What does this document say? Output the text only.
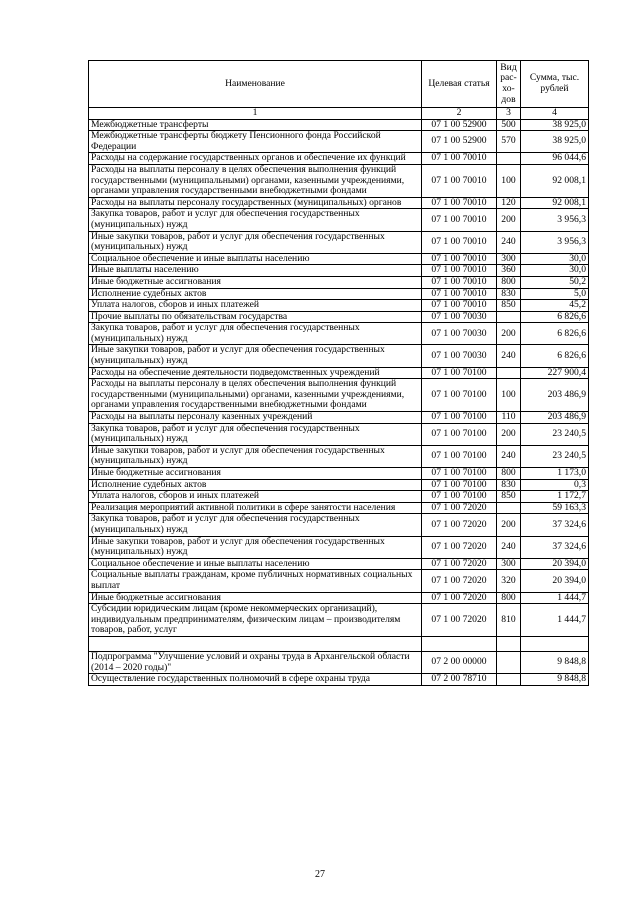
Наименование	Целевая статья	Вид рас-хо-дов	Сумма, тыс. рублей
1	2	3	4
Межбюджетные трансферты	07 1 00 52900	500	38 925,0
Межбюджетные трансферты бюджету Пенсионного фонда Российской Федерации	07 1 00 52900	570	38 925,0
Расходы на содержание государственных органов и обеспечение их функций	07 1 00 70010		96 044,6
Расходы на выплаты персоналу в целях обеспечения выполнения функций государственными (муниципальными) органами, казенными учреждениями, органами управления государственными внебюджетными фондами	07 1 00 70010	100	92 008,1
Расходы на выплаты персоналу государственных (муниципальных) органов	07 1 00 70010	120	92 008,1
Закупка товаров, работ и услуг для обеспечения государственных (муниципальных) нужд	07 1 00 70010	200	3 956,3
Иные закупки товаров, работ и услуг для обеспечения государственных (муниципальных) нужд	07 1 00 70010	240	3 956,3
Социальное обеспечение и иные выплаты населению	07 1 00 70010	300	30,0
Иные выплаты населению	07 1 00 70010	360	30,0
Иные бюджетные ассигнования	07 1 00 70010	800	50,2
Исполнение судебных актов	07 1 00 70010	830	5,0
Уплата налогов, сборов и иных платежей	07 1 00 70010	850	45,2
Прочие выплаты по обязательствам государства	07 1 00 70030		6 826,6
Закупка товаров, работ и услуг для обеспечения государственных (муниципальных) нужд	07 1 00 70030	200	6 826,6
Иные закупки товаров, работ и услуг для обеспечения государственных (муниципальных) нужд	07 1 00 70030	240	6 826,6
Расходы на обеспечение деятельности подведомственных учреждений	07 1 00 70100		227 900,4
Расходы на выплаты персоналу в целях обеспечения выполнения функций государственными (муниципальными) органами, казенными учреждениями, органами управления государственными внебюджетными фондами	07 1 00 70100	100	203 486,9
Расходы на выплаты персоналу казенных учреждений	07 1 00 70100	110	203 486,9
Закупка товаров, работ и услуг для обеспечения государственных (муниципальных) нужд	07 1 00 70100	200	23 240,5
Иные закупки товаров, работ и услуг для обеспечения государственных (муниципальных) нужд	07 1 00 70100	240	23 240,5
Иные бюджетные ассигнования	07 1 00 70100	800	1 173,0
Исполнение судебных актов	07 1 00 70100	830	0,3
Уплата налогов, сборов и иных платежей	07 1 00 70100	850	1 172,7
Реализация мероприятий активной политики в сфере занятости населения	07 1 00 72020		59 163,3
Закупка товаров, работ и услуг для обеспечения государственных (муниципальных) нужд	07 1 00 72020	200	37 324,6
Иные закупки товаров, работ и услуг для обеспечения государственных (муниципальных) нужд	07 1 00 72020	240	37 324,6
Социальное обеспечение и иные выплаты населению	07 1 00 72020	300	20 394,0
Социальные выплаты гражданам, кроме публичных нормативных социальных выплат	07 1 00 72020	320	20 394,0
Иные бюджетные ассигнования	07 1 00 72020	800	1 444,7
Субсидии юридическим лицам (кроме некоммерческих организаций), индивидуальным предпринимателям, физическим лицам – производителям товаров, работ, услуг	07 1 00 72020	810	1 444,7

Подпрограмма "Улучшение условий и охраны труда в Архангельской области (2014 – 2020 годы)"	07 2 00 00000		9 848,8
Осуществление государственных полномочий в сфере охраны труда	07 2 00 78710		9 848,8
27
